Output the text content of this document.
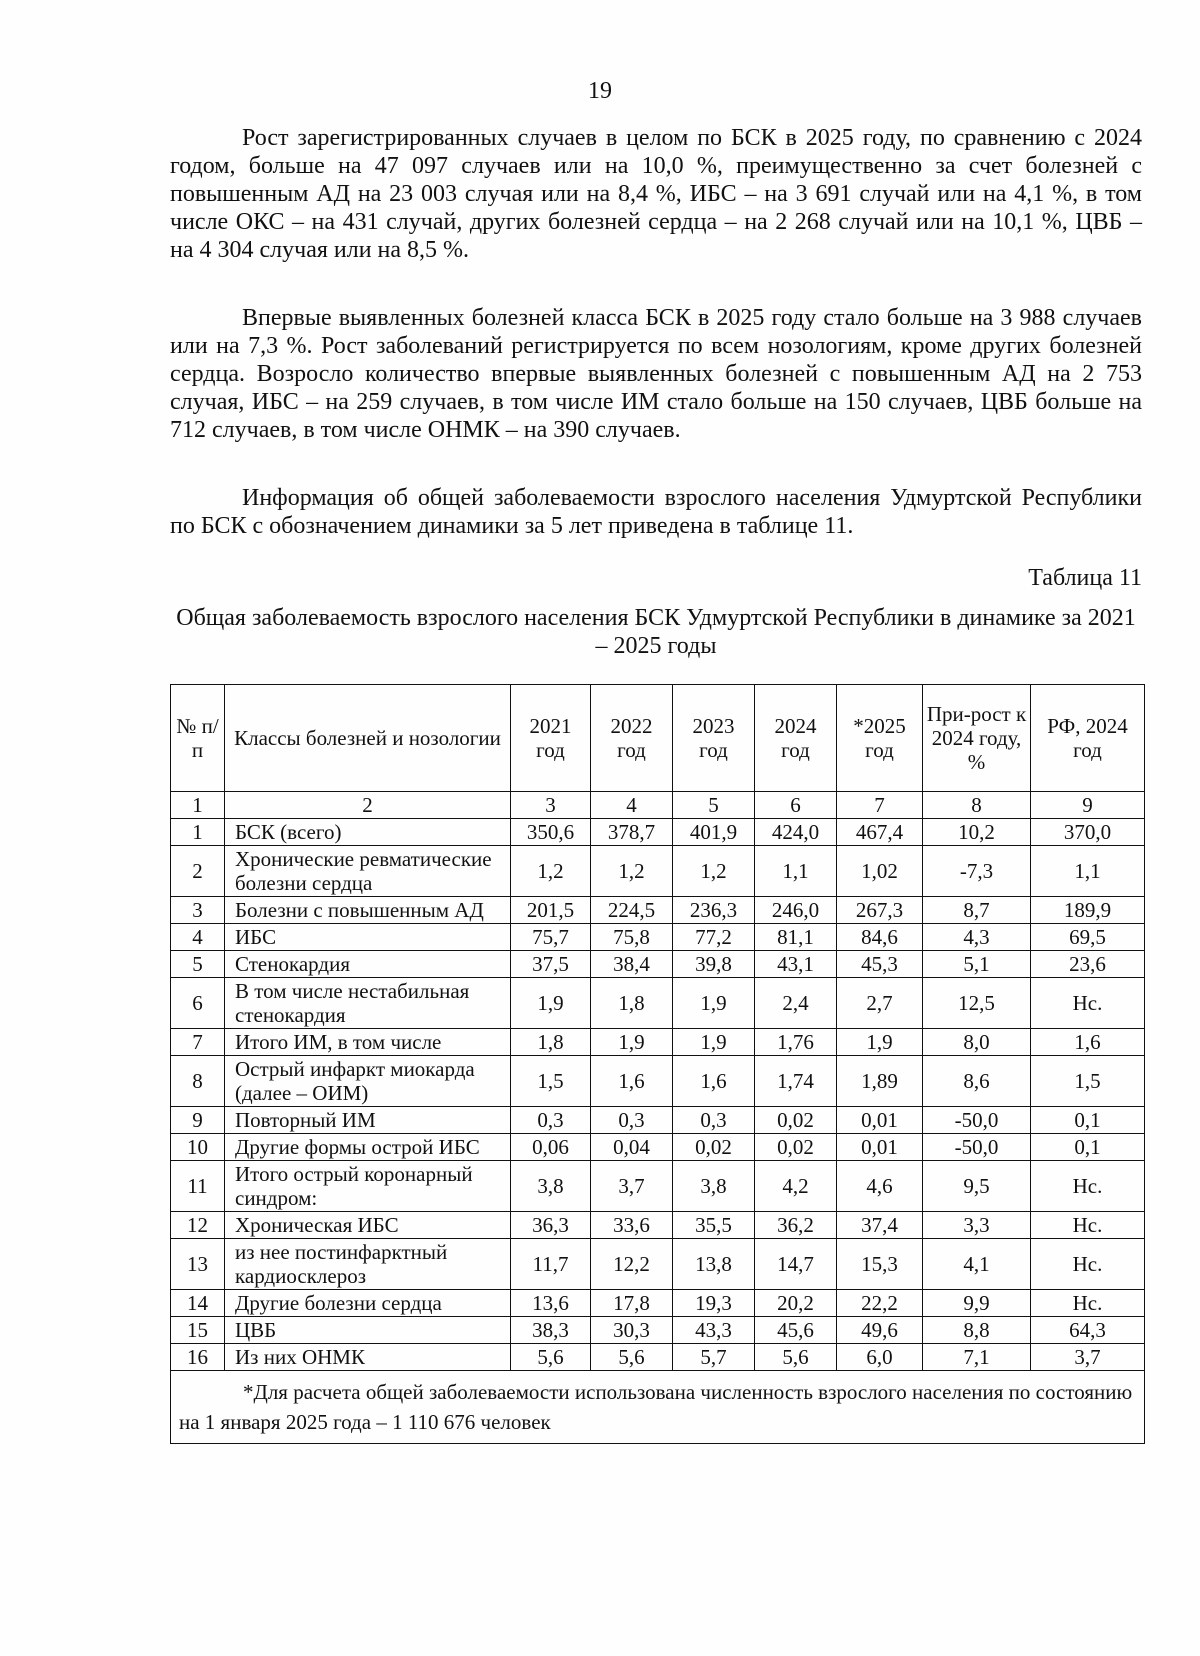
19

Рост зарегистрированных случаев в целом по БСК в 2025 году, по сравнению с 2024 годом, больше на 47 097 случаев или на 10,0 %, преимущественно за счет болезней с повышенным АД на 23 003 случая или на 8,4 %, ИБС – на 3 691 случай или на 4,1 %, в том числе ОКС – на 431 случай, других болезней сердца – на 2 268 случай или на 10,1 %, ЦВБ – на 4 304 случая или на 8,5 %.

Впервые выявленных болезней класса БСК в 2025 году стало больше на 3 988 случаев или на 7,3 %. Рост заболеваний регистрируется по всем нозологиям, кроме других болезней сердца. Возросло количество впервые выявленных болезней с повышенным АД на 2 753 случая, ИБС – на 259 случаев, в том числе ИМ стало больше на 150 случаев, ЦВБ больше на 712 случаев, в том числе ОНМК – на 390 случаев.

Информация об общей заболеваемости взрослого населения Удмуртской Республики по БСК с обозначением динамики за 5 лет приведена в таблице 11.

Таблица 11
Общая заболеваемость взрослого населения БСК Удмуртской Республики в динамике за 2021 – 2025 годы
№ п/п	Классы болезней и нозологии	2021 год	2022 год	2023 год	2024 год	*2025 год	При-рост к 2024 году, %	РФ, 2024 год
1	2	3	4	5	6	7	8	9
1	БСК (всего)	350,6	378,7	401,9	424,0	467,4	10,2	370,0
2	Хронические ревматические болезни сердца	1,2	1,2	1,2	1,1	1,02	-7,3	1,1
3	Болезни с повышенным АД	201,5	224,5	236,3	246,0	267,3	8,7	189,9
4	ИБС	75,7	75,8	77,2	81,1	84,6	4,3	69,5
5	Стенокардия	37,5	38,4	39,8	43,1	45,3	5,1	23,6
6	В том числе нестабильная стенокардия	1,9	1,8	1,9	2,4	2,7	12,5	Нс.
7	Итого ИМ, в том числе	1,8	1,9	1,9	1,76	1,9	8,0	1,6
8	Острый инфаркт миокарда (далее – ОИМ)	1,5	1,6	1,6	1,74	1,89	8,6	1,5
9	Повторный ИМ	0,3	0,3	0,3	0,02	0,01	-50,0	0,1
10	Другие формы острой ИБС	0,06	0,04	0,02	0,02	0,01	-50,0	0,1
11	Итого острый коронарный синдром:	3,8	3,7	3,8	4,2	4,6	9,5	Нс.
12	Хроническая ИБС	36,3	33,6	35,5	36,2	37,4	3,3	Нс.
13	из нее постинфарктный кардиосклероз	11,7	12,2	13,8	14,7	15,3	4,1	Нс.
14	Другие болезни сердца	13,6	17,8	19,3	20,2	22,2	9,9	Нс.
15	ЦВБ	38,3	30,3	43,3	45,6	49,6	8,8	64,3
16	Из них ОНМК	5,6	5,6	5,7	5,6	6,0	7,1	3,7

*Для расчета общей заболеваемости использована численность взрослого населения по состоянию на 1 января 2025 года – 1 110 676 человек								
